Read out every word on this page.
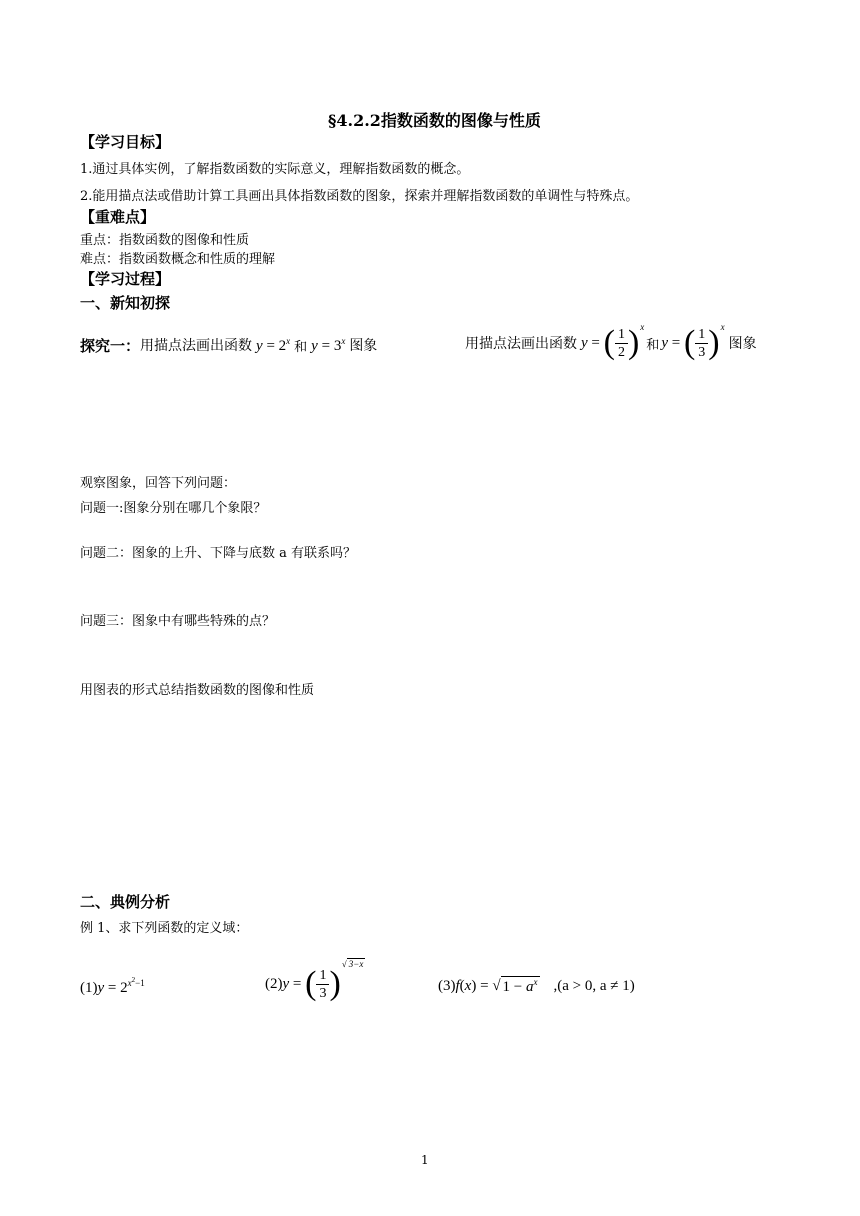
§4.2.2指数函数的图像与性质
【学习目标】
1.通过具体实例，了解指数函数的实际意义，理解指数函数的概念。
2.能用描点法或借助计算工具画出具体指数函数的图象，探索并理解指数函数的单调性与特殊点。
【重难点】
重点：指数函数的图像和性质
难点：指数函数概念和性质的理解
【学习过程】
一、新知初探
探究一： 用描点法画出函数 $y = 2^x$ 和 $y = 3^x$ 图象	用描点法画出函数 y =
( $\frac{1}{2}$ ) x
和 y =
( $\frac{1}{3}$ ) x
图象
观察图象，回答下列问题：
问题一:图象分别在哪几个象限？
问题二：图象的上升、下降与底数 a 有联系吗？
问题三：图象中有哪些特殊的点？
用图表的形式总结指数函数的图像和性质
二、典例分析
例 1、求下列函数的定义域：
$(1)y = 2^{x^2-1}$	(2) y =
( $\frac{1}{3}$ )
√ 3−x
(3) f ( x )
=
√ $1 - a^x$ ,(a > 0, a ≠ 1)
1
